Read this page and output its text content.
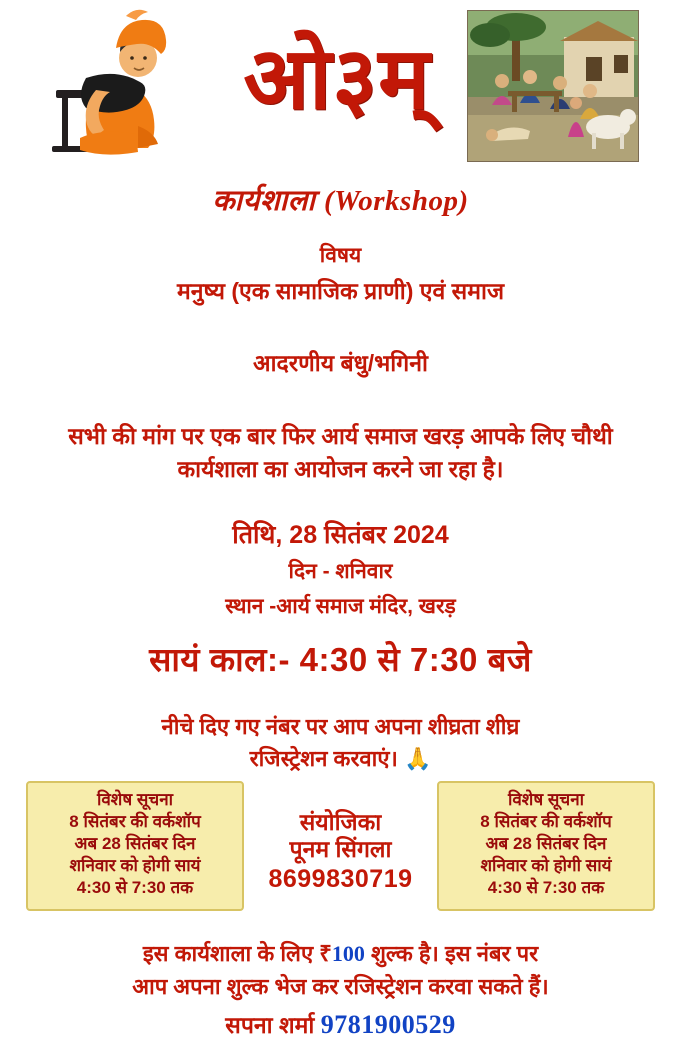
ओ३म्
कार्यशाला (Workshop)
विषय
मनुष्य (एक सामाजिक प्राणी) एवं समाज
आदरणीय बंधु/भगिनी
सभी की मांग पर एक बार फिर आर्य समाज खरड़ आपके लिए चौथी कार्यशाला का आयोजन करने जा रहा है।
तिथि, 28 सितंबर 2024
दिन - शनिवार
स्थान -आर्य समाज मंदिर, खरड़
सायं काल:- 4:30 से 7:30 बजे
नीचे दिए गए नंबर पर आप अपना शीघ्रता शीघ्र
रजिस्ट्रेशन करवाएं। 🙏
विशेष सूचना
8 सितंबर की वर्कशॉप
अब 28 सितंबर दिन
शनिवार को होगी सायं
4:30 से 7:30 तक
संयोजिका
पूनम सिंगला
8699830719
विशेष सूचना
8 सितंबर की वर्कशॉप
अब 28 सितंबर दिन
शनिवार को होगी सायं
4:30 से 7:30 तक
इस कार्यशाला के लिए ₹100 शुल्क है। इस नंबर पर
आप अपना शुल्क भेज कर रजिस्ट्रेशन करवा सकते हैं।
सपना शर्मा 9781900529
